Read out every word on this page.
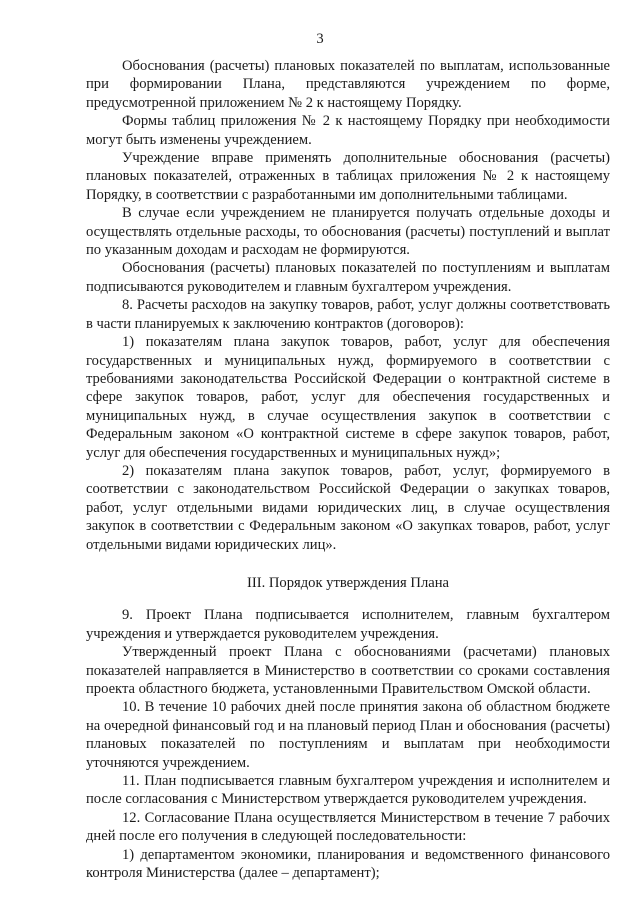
3

Обоснования (расчеты) плановых показателей по выплатам, использованные при формировании Плана, представляются учреждением по форме, предусмотренной приложением № 2 к настоящему Порядку.

Формы таблиц приложения № 2 к настоящему Порядку при необходимости могут быть изменены учреждением.

Учреждение вправе применять дополнительные обоснования (расчеты) плановых показателей, отраженных в таблицах приложения № 2 к настоящему Порядку, в соответствии с разработанными им дополнительными таблицами.

В случае если учреждением не планируется получать отдельные доходы и осуществлять отдельные расходы, то обоснования (расчеты) поступлений и выплат по указанным доходам и расходам не формируются.

Обоснования (расчеты) плановых показателей по поступлениям и выплатам подписываются руководителем и главным бухгалтером учреждения.

8. Расчеты расходов на закупку товаров, работ, услуг должны соответствовать в части планируемых к заключению контрактов (договоров):

1) показателям плана закупок товаров, работ, услуг для обеспечения государственных и муниципальных нужд, формируемого в соответствии с требованиями законодательства Российской Федерации о контрактной системе в сфере закупок товаров, работ, услуг для обеспечения государственных и муниципальных нужд, в случае осуществления закупок в соответствии с Федеральным законом «О контрактной системе в сфере закупок товаров, работ, услуг для обеспечения государственных и муниципальных нужд»;

2) показателям плана закупок товаров, работ, услуг, формируемого в соответствии с законодательством Российской Федерации о закупках товаров, работ, услуг отдельными видами юридических лиц, в случае осуществления закупок в соответствии с Федеральным законом «О закупках товаров, работ, услуг отдельными видами юридических лиц».

III. Порядок утверждения Плана

9. Проект Плана подписывается исполнителем, главным бухгалтером учреждения и утверждается руководителем учреждения.

Утвержденный проект Плана с обоснованиями (расчетами) плановых показателей направляется в Министерство в соответствии со сроками составления проекта областного бюджета, установленными Правительством Омской области.

10. В течение 10 рабочих дней после принятия закона об областном бюджете на очередной финансовый год и на плановый период План и обоснования (расчеты) плановых показателей по поступлениям и выплатам при необходимости уточняются учреждением.

11. План подписывается главным бухгалтером учреждения и исполнителем и после согласования с Министерством утверждается руководителем учреждения.

12. Согласование Плана осуществляется Министерством в течение 7 рабочих дней после его получения в следующей последовательности:

1) департаментом экономики, планирования и ведомственного финансового контроля Министерства (далее – департамент);
